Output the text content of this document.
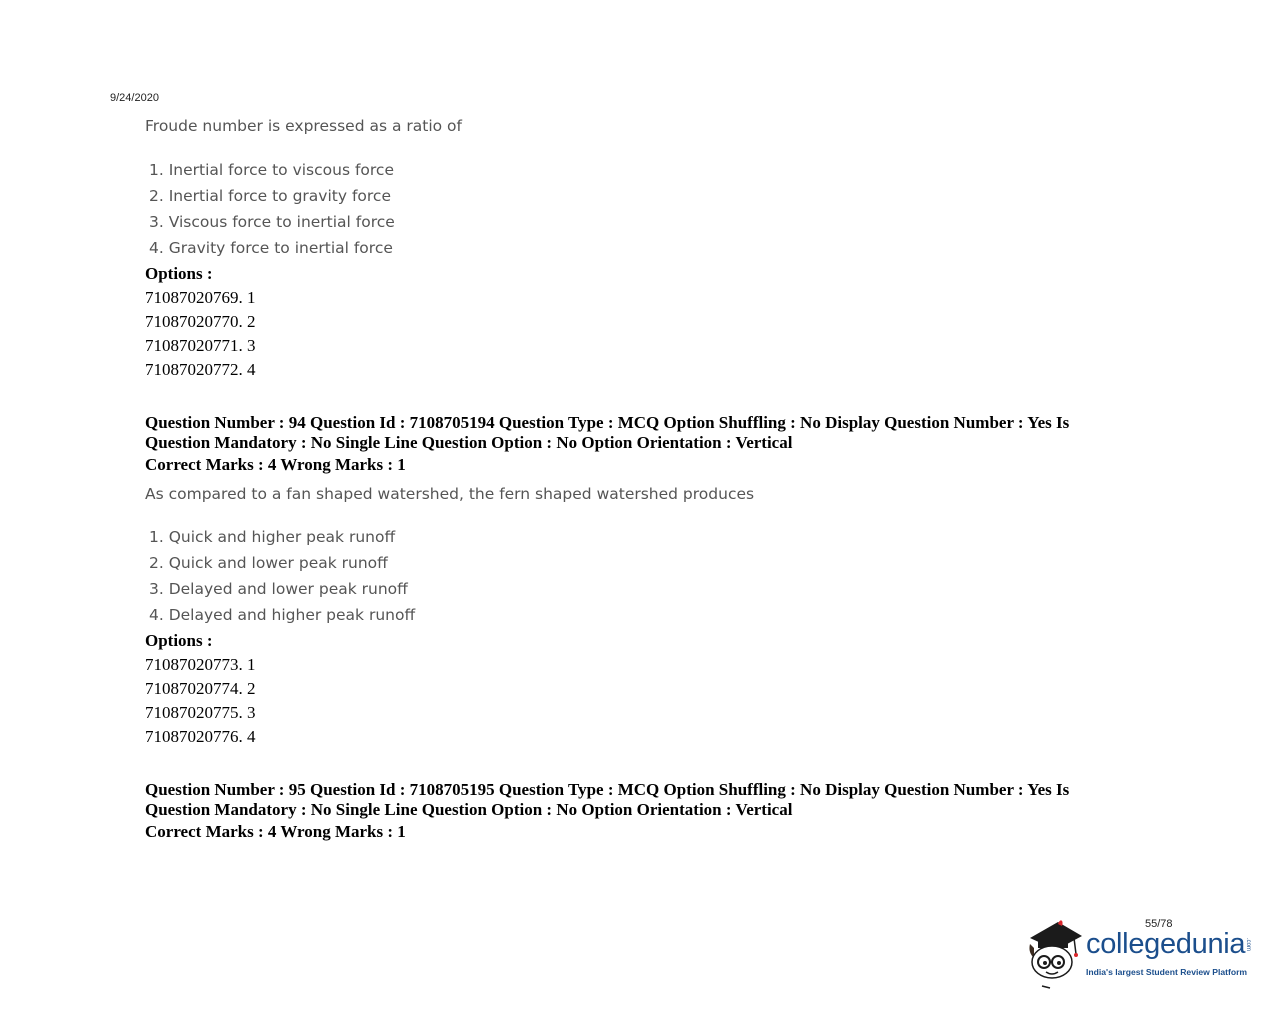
9/24/2020
Froude number is expressed as a ratio of
1. Inertial force to viscous force
2. Inertial force to gravity force
3. Viscous force to inertial force
4. Gravity force to inertial force
Options :
71087020769. 1
71087020770. 2
71087020771. 3
71087020772. 4
Question Number : 94 Question Id : 7108705194 Question Type : MCQ Option Shuffling : No Display Question Number : Yes Is Question Mandatory : No Single Line Question Option : No Option Orientation : Vertical
Correct Marks : 4 Wrong Marks : 1
As compared to a fan shaped watershed, the fern shaped watershed produces
1. Quick and higher peak runoff
2. Quick and lower peak runoff
3. Delayed and lower peak runoff
4. Delayed and higher peak runoff
Options :
71087020773. 1
71087020774. 2
71087020775. 3
71087020776. 4
Question Number : 95 Question Id : 7108705195 Question Type : MCQ Option Shuffling : No Display Question Number : Yes Is Question Mandatory : No Single Line Question Option : No Option Orientation : Vertical
Correct Marks : 4 Wrong Marks : 1
55/78
collegedunia .com
India's largest Student Review Platform
